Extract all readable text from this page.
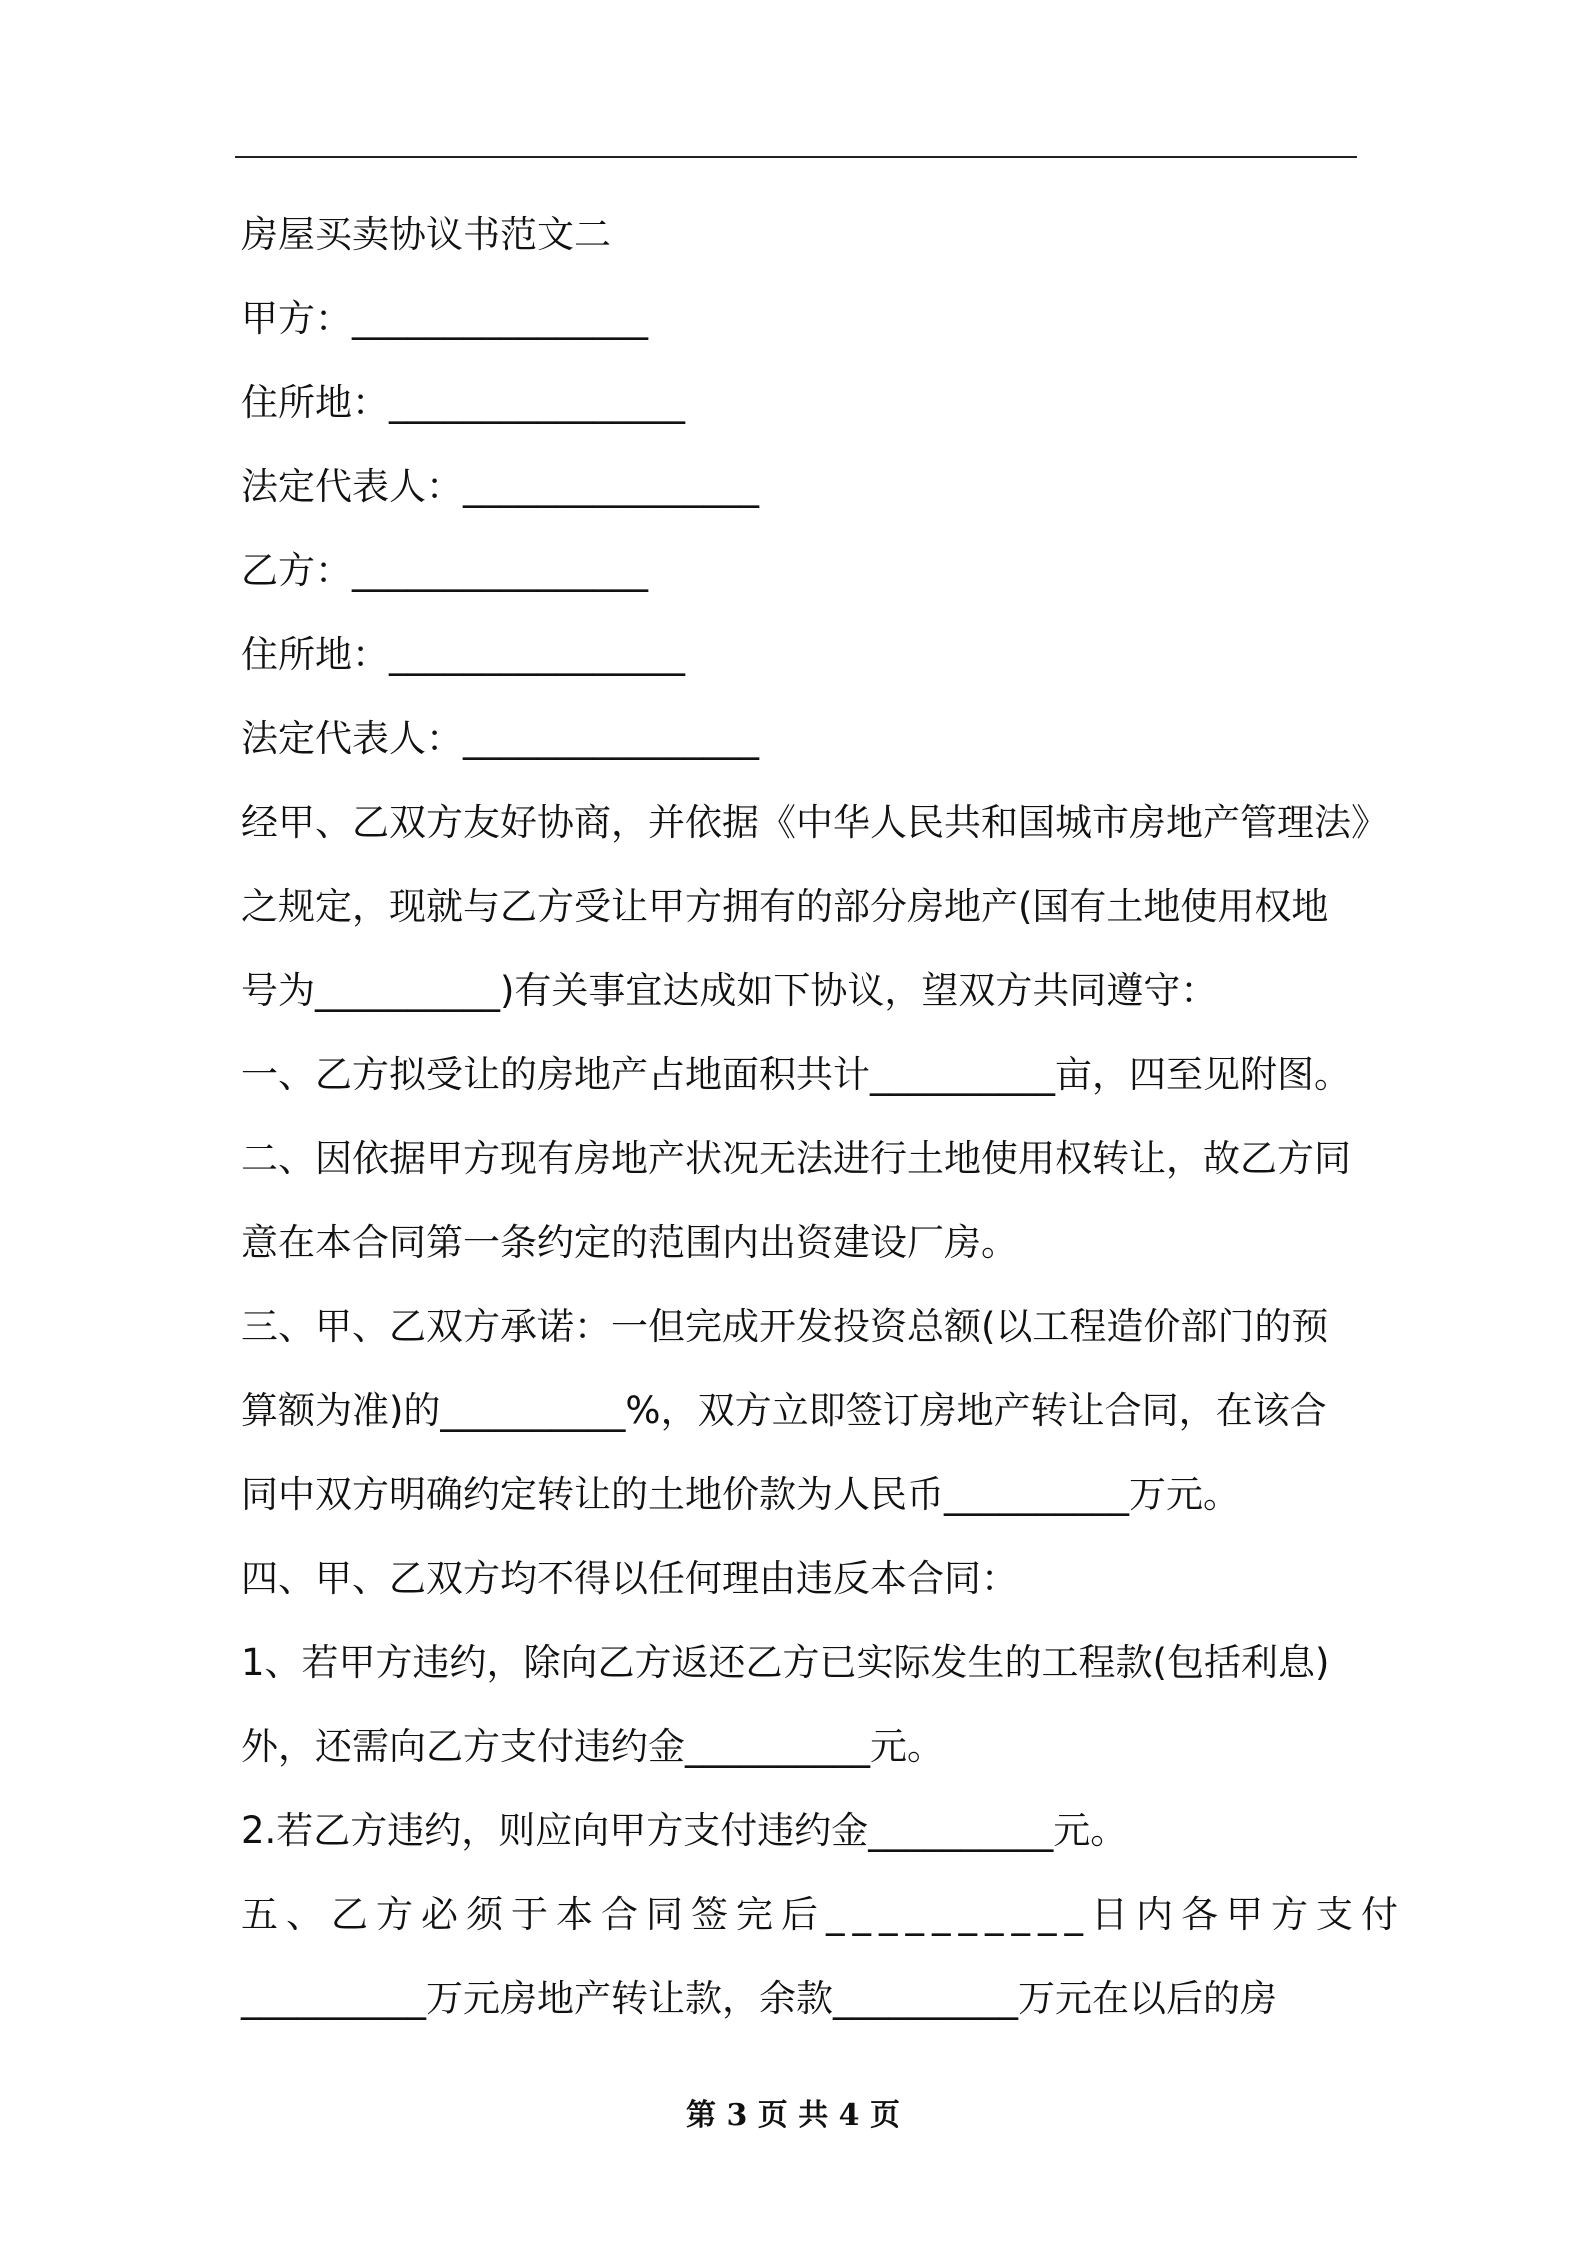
房屋买卖协议书范文二
甲方：________________
住所地：________________
法定代表人：________________
乙方：________________
住所地：________________
法定代表人：________________
经甲、乙双方友好协商，并依据《中华人民共和国城市房地产管理法》
之规定，现就与乙方受让甲方拥有的部分房地产(国有土地使用权地
号为__________)有关事宜达成如下协议，望双方共同遵守：
一、乙方拟受让的房地产占地面积共计__________亩，四至见附图。
二、因依据甲方现有房地产状况无法进行土地使用权转让，故乙方同
意在本合同第一条约定的范围内出资建设厂房。
三、甲、乙双方承诺：一但完成开发投资总额(以工程造价部门的预
算额为准)的__________%，双方立即签订房地产转让合同，在该合
同中双方明确约定转让的土地价款为人民币__________万元。
四、甲、乙双方均不得以任何理由违反本合同：
1、若甲方违约，除向乙方返还乙方已实际发生的工程款(包括利息)
外，还需向乙方支付违约金__________元。
2.若乙方违约，则应向甲方支付违约金__________元。
五、乙方必须于本合同签完后__________日内各甲方支付
__________万元房地产转让款，余款__________万元在以后的房
第 3 页 共 4 页
